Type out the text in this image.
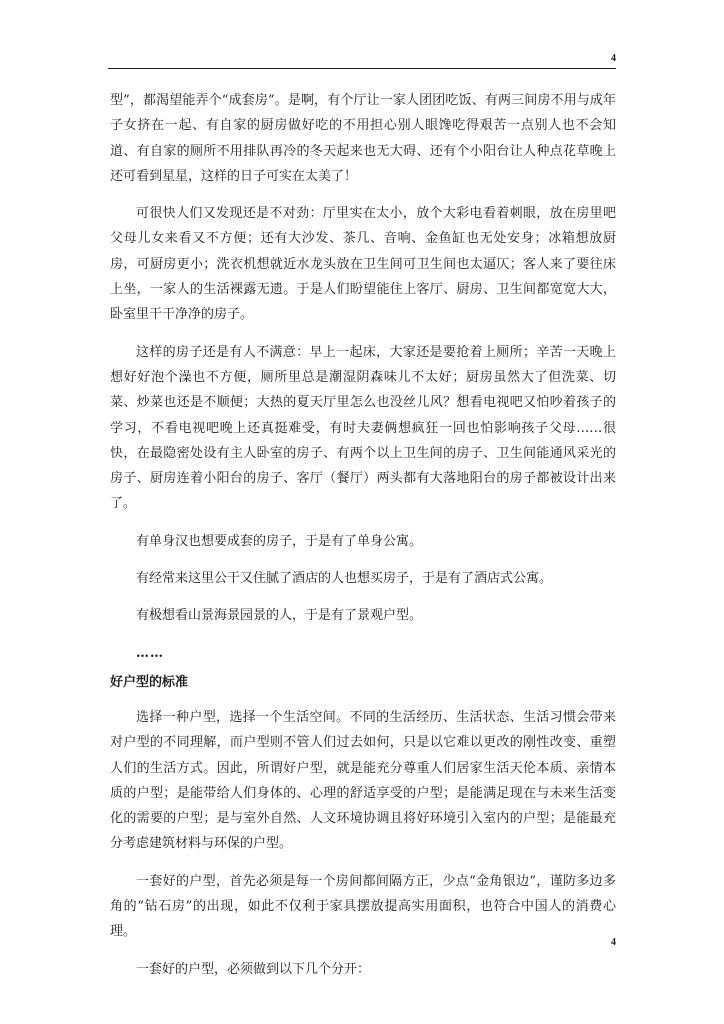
4

型”，都渴望能弄个“成套房”。是啊，有个厅让一家人团团吃饭、有两三间房不用与成年子女挤在一起、有自家的厨房做好吃的不用担心别人眼馋吃得艰苦一点别人也不会知道、有自家的厕所不用排队再冷的冬天起来也无大碍、还有个小阳台让人种点花草晚上还可看到星星，这样的日子可实在太美了！

可很快人们又发现还是不对劲：厅里实在太小，放个大彩电看着刺眼，放在房里吧父母儿女来看又不方便；还有大沙发、茶几、音响、金鱼缸也无处安身；冰箱想放厨房，可厨房更小；洗衣机想就近水龙头放在卫生间可卫生间也太逼仄；客人来了要往床上坐，一家人的生活裸露无遗。于是人们盼望能住上客厅、厨房、卫生间都宽宽大大，卧室里干干净净的房子。

这样的房子还是有人不满意：早上一起床，大家还是要抢着上厕所；辛苦一天晚上想好好泡个澡也不方便，厕所里总是潮湿阴森味儿不太好；厨房虽然大了但洗菜、切菜、炒菜也还是不顺便；大热的夏天厅里怎么也没丝儿风？想看电视吧又怕吵着孩子的学习，不看电视吧晚上还真挺难受，有时夫妻俩想疯狂一回也怕影响孩子父母……很快，在最隐密处设有主人卧室的房子、有两个以上卫生间的房子、卫生间能通风采光的房子、厨房连着小阳台的房子、客厅（餐厅）两头都有大落地阳台的房子都被设计出来了。

有单身汉也想要成套的房子，于是有了单身公寓。

有经常来这里公干又住腻了酒店的人也想买房子，于是有了酒店式公寓。

有极想看山景海景园景的人，于是有了景观户型。

……

好户型的标准

选择一种户型，选择一个生活空间。不同的生活经历、生活状态、生活习惯会带来对户型的不同理解，而户型则不管人们过去如何，只是以它难以更改的刚性改变、重塑人们的生活方式。因此，所谓好户型，就是能充分尊重人们居家生活天伦本质、亲情本质的户型；是能带给人们身体的、心理的舒适享受的户型；是能满足现在与未来生活变化的需要的户型；是与室外自然、人文环境协调且将好环境引入室内的户型；是能最充分考虑建筑材料与环保的户型。

一套好的户型，首先必须是每一个房间都间隔方正，少点“金角银边”，谨防多边多角的“钻石房”的出现，如此不仅利于家具摆放提高实用面积，也符合中国人的消费心理。

一套好的户型，必须做到以下几个分开：

4
